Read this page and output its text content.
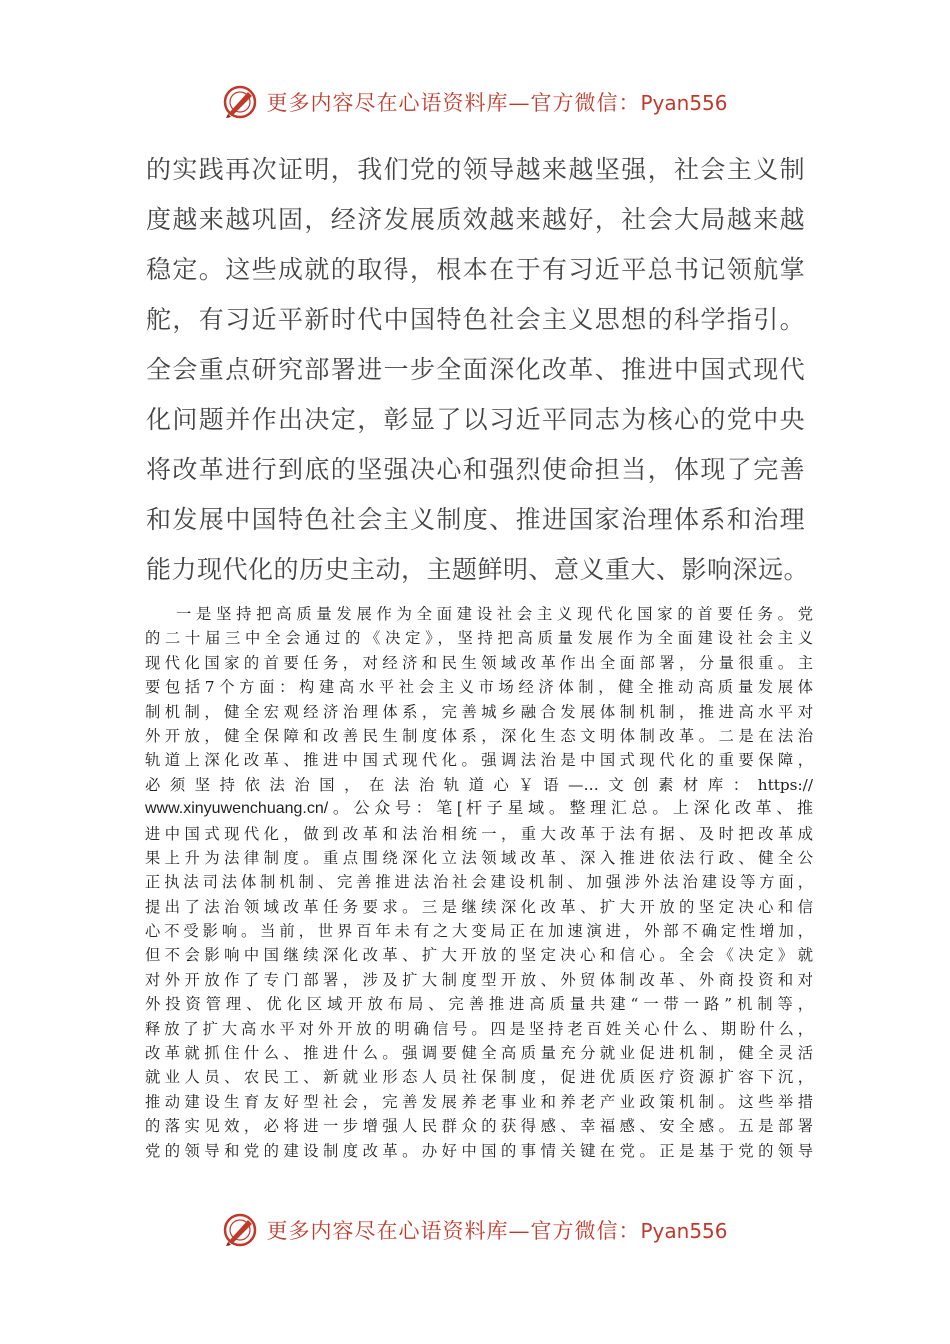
更多内容尽在心语资料库—官方微信：Pyan556
的实践再次证明，我们党的领导越来越坚强，社会主义制
度越来越巩固，经济发展质效越来越好，社会大局越来越
稳定。这些成就的取得，根本在于有习近平总书记领航掌
舵，有习近平新时代中国特色社会主义思想的科学指引。
全会重点研究部署进一步全面深化改革、推进中国式现代
化问题并作出决定，彰显了以习近平同志为核心的党中央
将改革进行到底的坚强决心和强烈使命担当，体现了完善
和发展中国特色社会主义制度、推进国家治理体系和治理
能力现代化的历史主动，主题鲜明、意义重大、影响深远。
一是坚持把高质量发展作为全面建设社会主义现代化国家的首要任务。党
的二十届三中全会通过的《决定》，坚持把高质量发展作为全面建设社会主义
现代化国家的首要任务，对经济和民生领域改革作出全面部署，分量很重。主
要包括7个方面：构建高水平社会主义市场经济体制，健全推动高质量发展体
制机制，健全宏观经济治理体系，完善城乡融合发展体制机制，推进高水平对
外开放，健全保障和改善民生制度体系，深化生态文明体制改革。二是在法治
轨道上深化改革、推进中国式现代化。强调法治是中国式现代化的重要保障，
必须坚持依法治国，在法治轨道心￥语—…文创素材库：https://
www.xinyuwenchuang.cn/。公众号：笔[杆子星域。整理汇总。上深化改革、推
进中国式现代化，做到改革和法治相统一，重大改革于法有据、及时把改革成
果上升为法律制度。重点围绕深化立法领域改革、深入推进依法行政、健全公
正执法司法体制机制、完善推进法治社会建设机制、加强涉外法治建设等方面，
提出了法治领域改革任务要求。三是继续深化改革、扩大开放的坚定决心和信
心不受影响。当前，世界百年未有之大变局正在加速演进，外部不确定性增加，
但不会影响中国继续深化改革、扩大开放的坚定决心和信心。全会《决定》就
对外开放作了专门部署，涉及扩大制度型开放、外贸体制改革、外商投资和对
外投资管理、优化区域开放布局、完善推进高质量共建“一带一路”机制等，
释放了扩大高水平对外开放的明确信号。四是坚持老百姓关心什么、期盼什么，
改革就抓住什么、推进什么。强调要健全高质量充分就业促进机制，健全灵活
就业人员、农民工、新就业形态人员社保制度，促进优质医疗资源扩容下沉，
推动建设生育友好型社会，完善发展养老事业和养老产业政策机制。这些举措
的落实见效，必将进一步增强人民群众的获得感、幸福感、安全感。五是部署
党的领导和党的建设制度改革。办好中国的事情关键在党。正是基于党的领导
更多内容尽在心语资料库—官方微信：Pyan556
